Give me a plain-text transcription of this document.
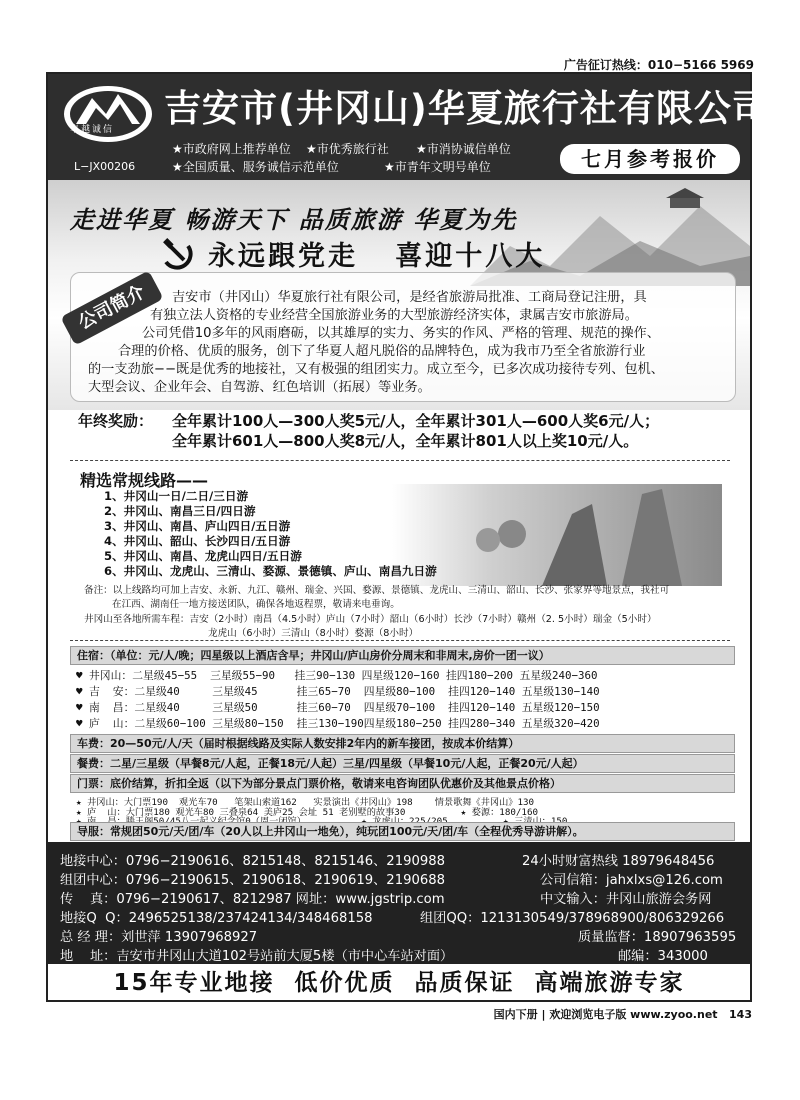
广告征订热线：010−5166 5969
卓越诚信
L−JX00206
吉安市(井冈山)华夏旅行社有限公司
★市政府网上推荐单位 ★市优秀旅行社 ★市消协诚信单位
★全国质量、服务诚信示范单位	★市青年文明号单位	七月参考报价
走进华夏 畅游天下 品质旅游 华夏为先
永远跟党走   喜迎十八大
公司简介	吉安市（井冈山）华夏旅行社有限公司，是经省旅游局批准、工商局登记注册，具
有独立法人资格的专业经营全国旅游业务的大型旅游经济实体，隶属吉安市旅游局。
公司凭借10多年的风雨磨砺，以其雄厚的实力、务实的作风、严格的管理、规范的操作、
合理的价格、优质的服务，创下了华夏人超凡脱俗的品牌特色，成为我市乃至全省旅游行业
的一支劲旅−−既是优秀的地接社，又有极强的组团实力。成立至今，已多次成功接待专列、包机、
大型会议、企业年会、自驾游、红色培训（拓展）等业务。
年终奖励： 全年累计100人—300人奖5元/人，全年累计301人—600人奖6元/人；
全年累计601人—800人奖8元/人，全年累计801人以上奖10元/人。
精选常规线路——
1、井冈山一日/二日/三日游
2、井冈山、南昌三日/四日游
3、井冈山、南昌、庐山四日/五日游
4、井冈山、韶山、长沙四日/五日游
5、井冈山、南昌、龙虎山四日/五日游
6、井冈山、龙虎山、三清山、婺源、景德镇、庐山、南昌九日游
备注：以上线路均可加上吉安、永新、九江、赣州、瑞金、兴国、婺源、景德镇、龙虎山、三清山、韶山、长沙、张家界等地景点，我社可
在江西、湖南任一地方接送团队，确保各地返程票，敬请来电垂询。
井冈山至各地所需车程：吉安（2小时）南昌（4.5小时）庐山（7小时）韶山（6小时）长沙（7小时）赣州（2. 5小时）瑞金（5小时）
龙虎山（6小时）三清山（8小时）婺源（8小时）
住宿：（单位：元/人/晚；四星级以上酒店含早；井冈山/庐山房价分周末和非周末,房价一团一议）
♥ 井冈山：二星级45−55  三星级55−90   挂三90−130 四星级120−160 挂四180−200 五星级240−360
♥ 吉  安：二星级40     三星级45      挂三65−70  四星级80−100  挂四120−140 五星级130−140
♥ 南  昌：二星级40     三星级50      挂三60−70  四星级70−100  挂四120−140 五星级120−150
♥ 庐  山：二星级60−100 三星级80−150  挂三130−190四星级180−250 挂四280−340 五星级320−420
车费：20—50元/人/天（届时根据线路及实际人数安排2年内的新车接团，按成本价结算）
餐费：二星/三星级（早餐8元/人起，正餐18元/人起）三星/四星级（早餐10元/人起，正餐20元/人起）
门票：底价结算，折扣全返（以下为部分景点门票价格，敬请来电咨询团队优惠价及其他景点价格）
★ 井冈山：大门票190  观光车70   笔架山索道162   实景演出《井冈山》198    情景歌舞《井冈山》130
★ 庐  山：大门票180 观光车80 三叠泉64 美庐25 会址 51 老别墅的故事30          ★ 婺源：180/160
地接中心：0796−2190616、8215148、8215146、2190988	24小时财富热线 18979648456
组团中心：0796−2190615、2190618、2190619、2190688	公司信箱：jahxlxs@126.com
传    真：0796−2190617、8212987 网址：www.jgstrip.com	中文输入：井冈山旅游会务网
地接Q  Q：2496525138/237424134/348468158	组团QQ：1213130549/378968900/806329266
总 经 理：刘世萍 13907968927	质量监督：18907963595
地    址：吉安市井冈山大道102号站前大厦5楼（市中心车站对面）	邮编：343000
15年专业地接  低价优质  品质保证  高端旅游专家
国内下册 | 欢迎浏览电子版 www.zyoo.net   143
导服：常规团50元/天/团/车（20人以上井冈山一地免），纯玩团100元/天/团/车（全程优秀导游讲解）。
